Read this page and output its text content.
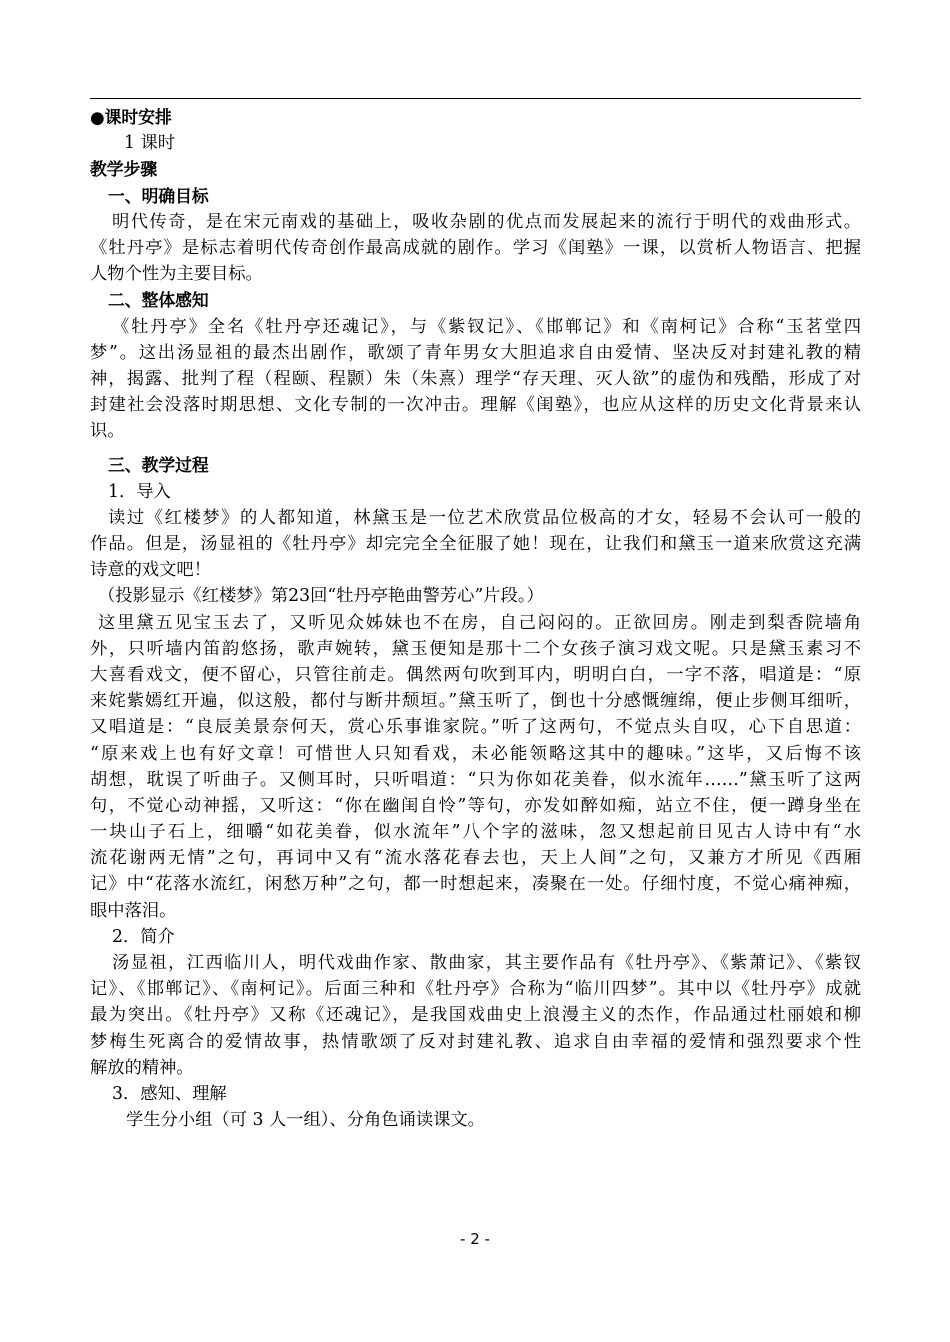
●课时安排
1 课时
教学步骤
一、明确目标
明代传奇，是在宋元南戏的基础上，吸收杂剧的优点而发展起来的流行于明代的戏曲形式。
《牡丹亭》是标志着明代传奇创作最高成就的剧作。学习《闺塾》一课，以赏析人物语言、把握
人物个性为主要目标。
二、整体感知
《牡丹亭》全名《牡丹亭还魂记》，与《紫钗记》、《邯郸记》和《南柯记》合称“玉茗堂四
梦”。这出汤显祖的最杰出剧作，歌颂了青年男女大胆追求自由爱情、坚决反对封建礼教的精
神，揭露、批判了程（程颐、程颢）朱（朱熹）理学“存天理、灭人欲”的虚伪和残酷，形成了对
封建社会没落时期思想、文化专制的一次冲击。理解《闺塾》，也应从这样的历史文化背景来认
识。
三、教学过程
1．导入
读过《红楼梦》的人都知道，林黛玉是一位艺术欣赏品位极高的才女，轻易不会认可一般的
作品。但是，汤显祖的《牡丹亭》却完完全全征服了她！现在，让我们和黛玉一道来欣赏这充满
诗意的戏文吧！
（投影显示《红楼梦》第23回“牡丹亭艳曲警芳心”片段。）
这里黛五见宝玉去了，又听见众姊妹也不在房，自己闷闷的。正欲回房。刚走到梨香院墙角
外，只听墙内笛韵悠扬，歌声婉转，黛玉便知是那十二个女孩子演习戏文呢。只是黛玉素习不
大喜看戏文，便不留心，只管往前走。偶然两句吹到耳内，明明白白，一字不落，唱道是：“原
来姹紫嫣红开遍，似这般，都付与断井颓垣。”黛玉听了，倒也十分感慨缠绵，便止步侧耳细听，
又唱道是：“良辰美景奈何天，赏心乐事谁家院。”听了这两句，不觉点头自叹，心下自思道：
“原来戏上也有好文章！可惜世人只知看戏，未必能领略这其中的趣味。”这毕，又后悔不该
胡想，耽误了听曲子。又侧耳时，只听唱道：“只为你如花美眷，似水流年……”黛玉听了这两
句，不觉心动神摇，又听这：“你在幽闺自怜”等句，亦发如醉如痴，站立不住，便一蹲身坐在
一块山子石上，细嚼“如花美眷，似水流年”八个字的滋味，忽又想起前日见古人诗中有“水
流花谢两无情”之句，再词中又有“流水落花春去也，天上人间”之句，又兼方才所见《西厢
记》中“花落水流红，闲愁万种”之句，都一时想起来，凑聚在一处。仔细忖度，不觉心痛神痴，
眼中落泪。
2．简介
汤显祖，江西临川人，明代戏曲作家、散曲家，其主要作品有《牡丹亭》、《紫萧记》、《紫钗
记》、《邯郸记》、《南柯记》。后面三种和《牡丹亭》合称为“临川四梦”。其中以《牡丹亭》成就
最为突出。《牡丹亭》又称《还魂记》，是我国戏曲史上浪漫主义的杰作，作品通过杜丽娘和柳
梦梅生死离合的爱情故事，热情歌颂了反对封建礼教、追求自由幸福的爱情和强烈要求个性
解放的精神。
3．感知、理解
学生分小组（可 3 人一组）、分角色诵读课文。
- 2 -
